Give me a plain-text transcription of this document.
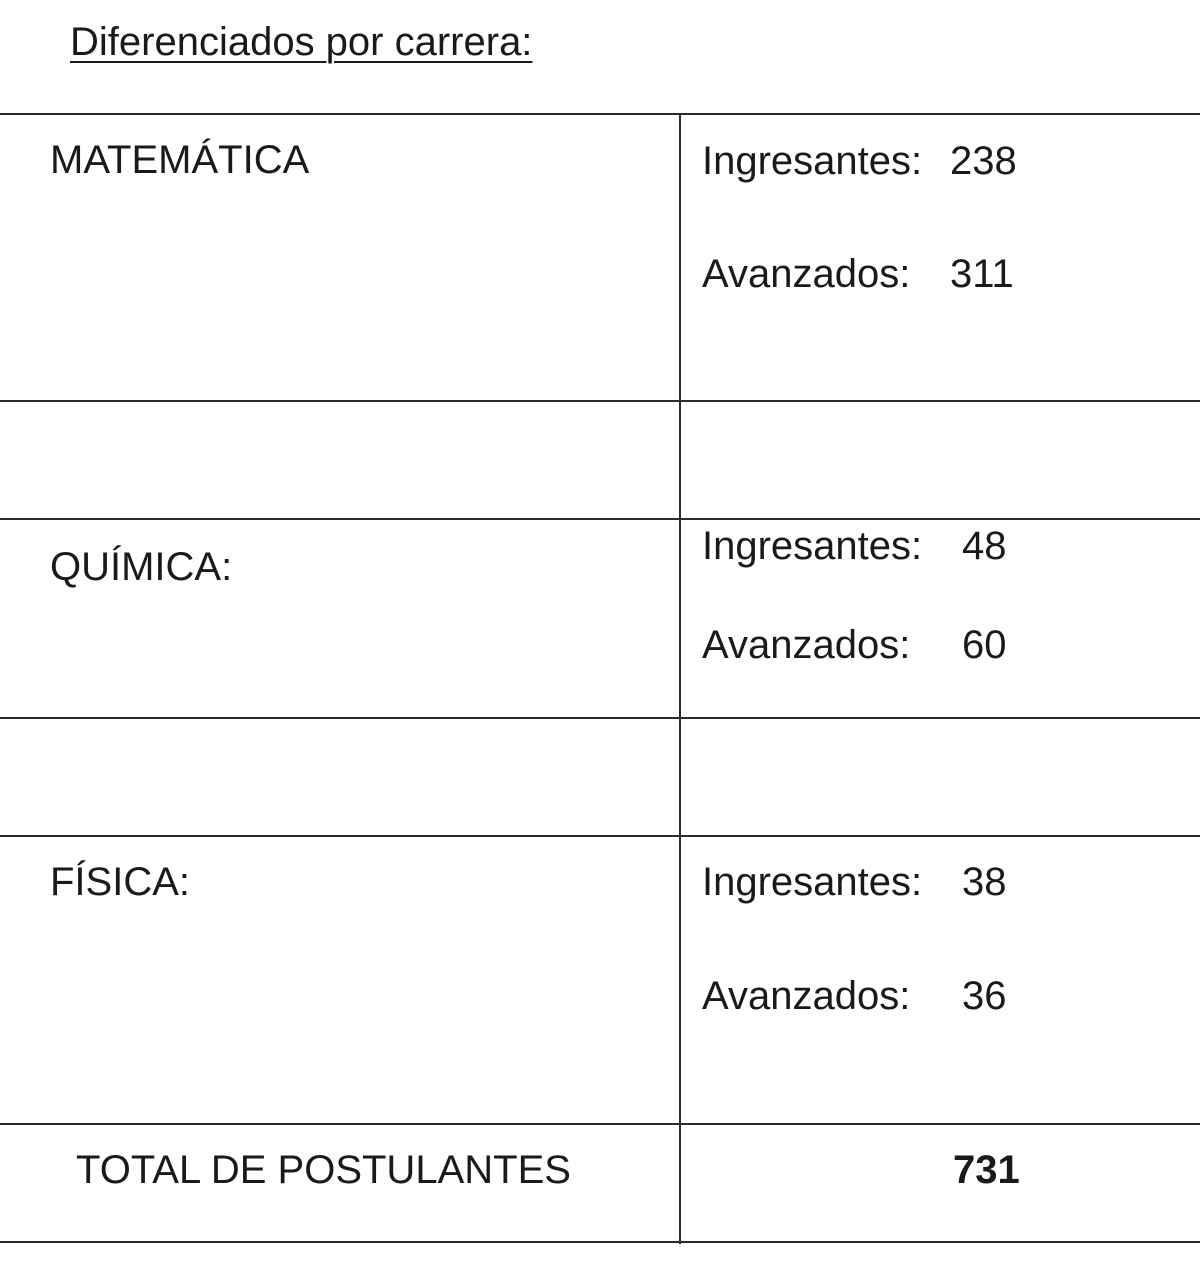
Diferenciados por carrera:
MATEMÁTICA	Ingresantes: 238
Avanzados: 311
QUÍMICA:	Ingresantes: 48
Avanzados: 60
FÍSICA:	Ingresantes: 38
Avanzados: 36
TOTAL DE POSTULANTES	731
